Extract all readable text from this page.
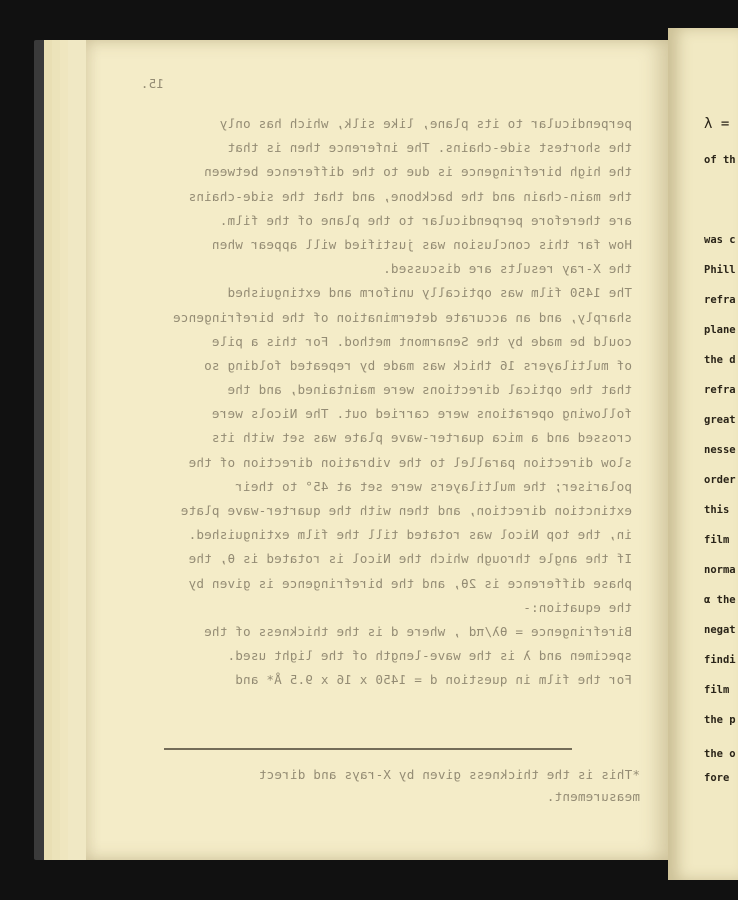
15.

perpendicular to its plane, like silk, which has only

the shortest side-chains. The inference then is that

the high birefringence is due to the difference between

the main-chain and the backbone, and that the side-chains

are therefore perpendicular to the plane of the film.

How far this conclusion was justified will appear when

the X-ray results are discussed.

The 1450 film was optically uniform and extinguished

sharply, and an accurate determination of the birefringence

could be made by the Senarmont method. For this a pile

of multilayers 16 thick was made by repeated folding so

that the optical directions were maintained, and the

following operations were carried out. The Nicols were

crossed and a mica quarter-wave plate was set with its

slow direction parallel to the vibration direction of the

polariser; the multilayers were set at 45° to their

extinction direction, and then with the quarter-wave plate

in, the top Nicol was rotated till the film extinguished.

If the angle through which the Nicol is rotated is θ, the

phase difference is 2θ, and the birefringence is given by

the equation:-

Birefringence = θλ/πd , where d is the thickness of the

specimen and λ is the wave-length of the light used.

For the film in question d = 1450 x 16 x 9.5 Å* and

*This is the thickness given by X-rays and direct

measurement.

λ =

of th

was c

Phill

refra

plane

the d

refra

great

nesse

order

this

film

norma

α the

negat

findi

film

the p

the o

fore
